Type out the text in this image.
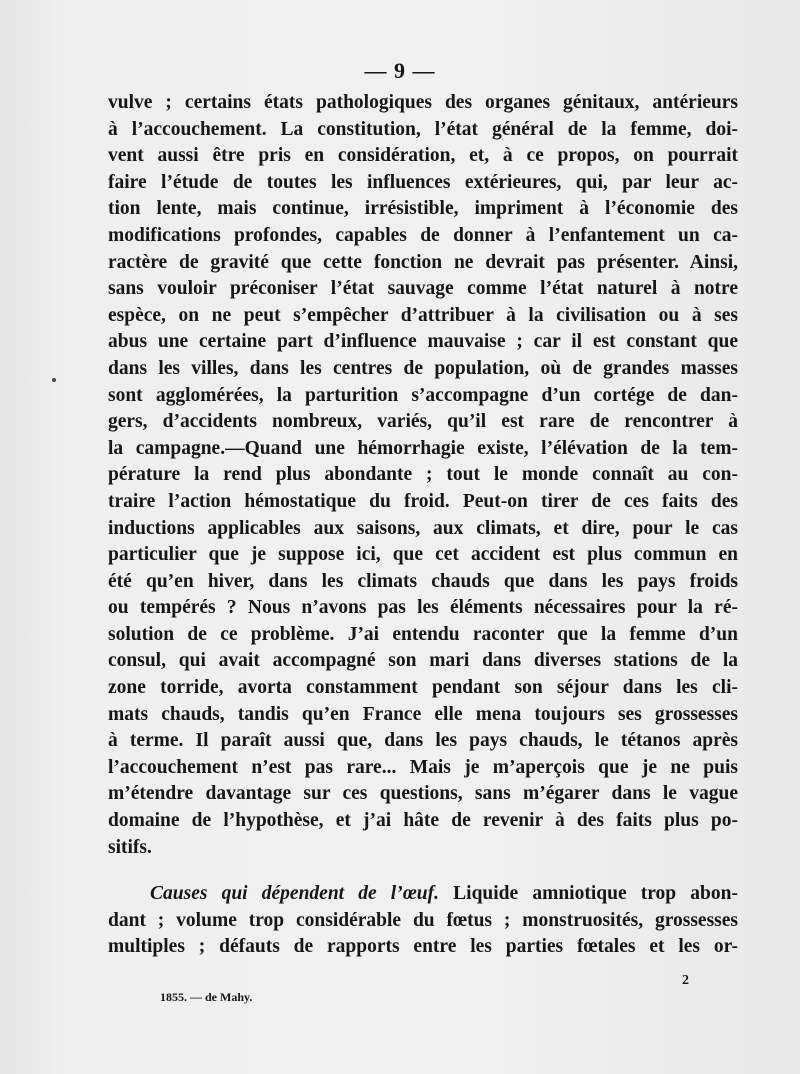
— 9 —
vulve ; certains états pathologiques des organes génitaux, antérieurs
à l’accouchement. La constitution, l’état général de la femme, doi-
vent aussi être pris en considération, et, à ce propos, on pourrait
faire l’étude de toutes les influences extérieures, qui, par leur ac-
tion lente, mais continue, irrésistible, impriment à l’économie des
modifications profondes, capables de donner à l’enfantement un ca-
ractère de gravité que cette fonction ne devrait pas présenter. Ainsi,
sans vouloir préconiser l’état sauvage comme l’état naturel à notre
espèce, on ne peut s’empêcher d’attribuer à la civilisation ou à ses
abus une certaine part d’influence mauvaise ; car il est constant que
dans les villes, dans les centres de population, où de grandes masses
sont agglomérées, la parturition s’accompagne d’un cortége de dan-
gers, d’accidents nombreux, variés, qu’il est rare de rencontrer à
la campagne.—Quand une hémorrhagie existe, l’élévation de la tem-
pérature la rend plus abondante ; tout le monde connaît au con-
traire l’action hémostatique du froid. Peut-on tirer de ces faits des
inductions applicables aux saisons, aux climats, et dire, pour le cas
particulier que je suppose ici, que cet accident est plus commun en
été qu’en hiver, dans les climats chauds que dans les pays froids
ou tempérés ? Nous n’avons pas les éléments nécessaires pour la ré-
solution de ce problème. J’ai entendu raconter que la femme d’un
consul, qui avait accompagné son mari dans diverses stations de la
zone torride, avorta constamment pendant son séjour dans les cli-
mats chauds, tandis qu’en France elle mena toujours ses grossesses
à terme. Il paraît aussi que, dans les pays chauds, le tétanos après
l’accouchement n’est pas rare... Mais je m’aperçois que je ne puis
m’étendre davantage sur ces questions, sans m’égarer dans le vague
domaine de l’hypothèse, et j’ai hâte de revenir à des faits plus po-
sitifs.
Causes qui dépendent de l’œuf. Liquide amniotique trop abon-
dant ; volume trop considérable du fœtus ; monstruosités, grossesses
multiples ; défauts de rapports entre les parties fœtales et les or-
1855. — de Mahy.
2
